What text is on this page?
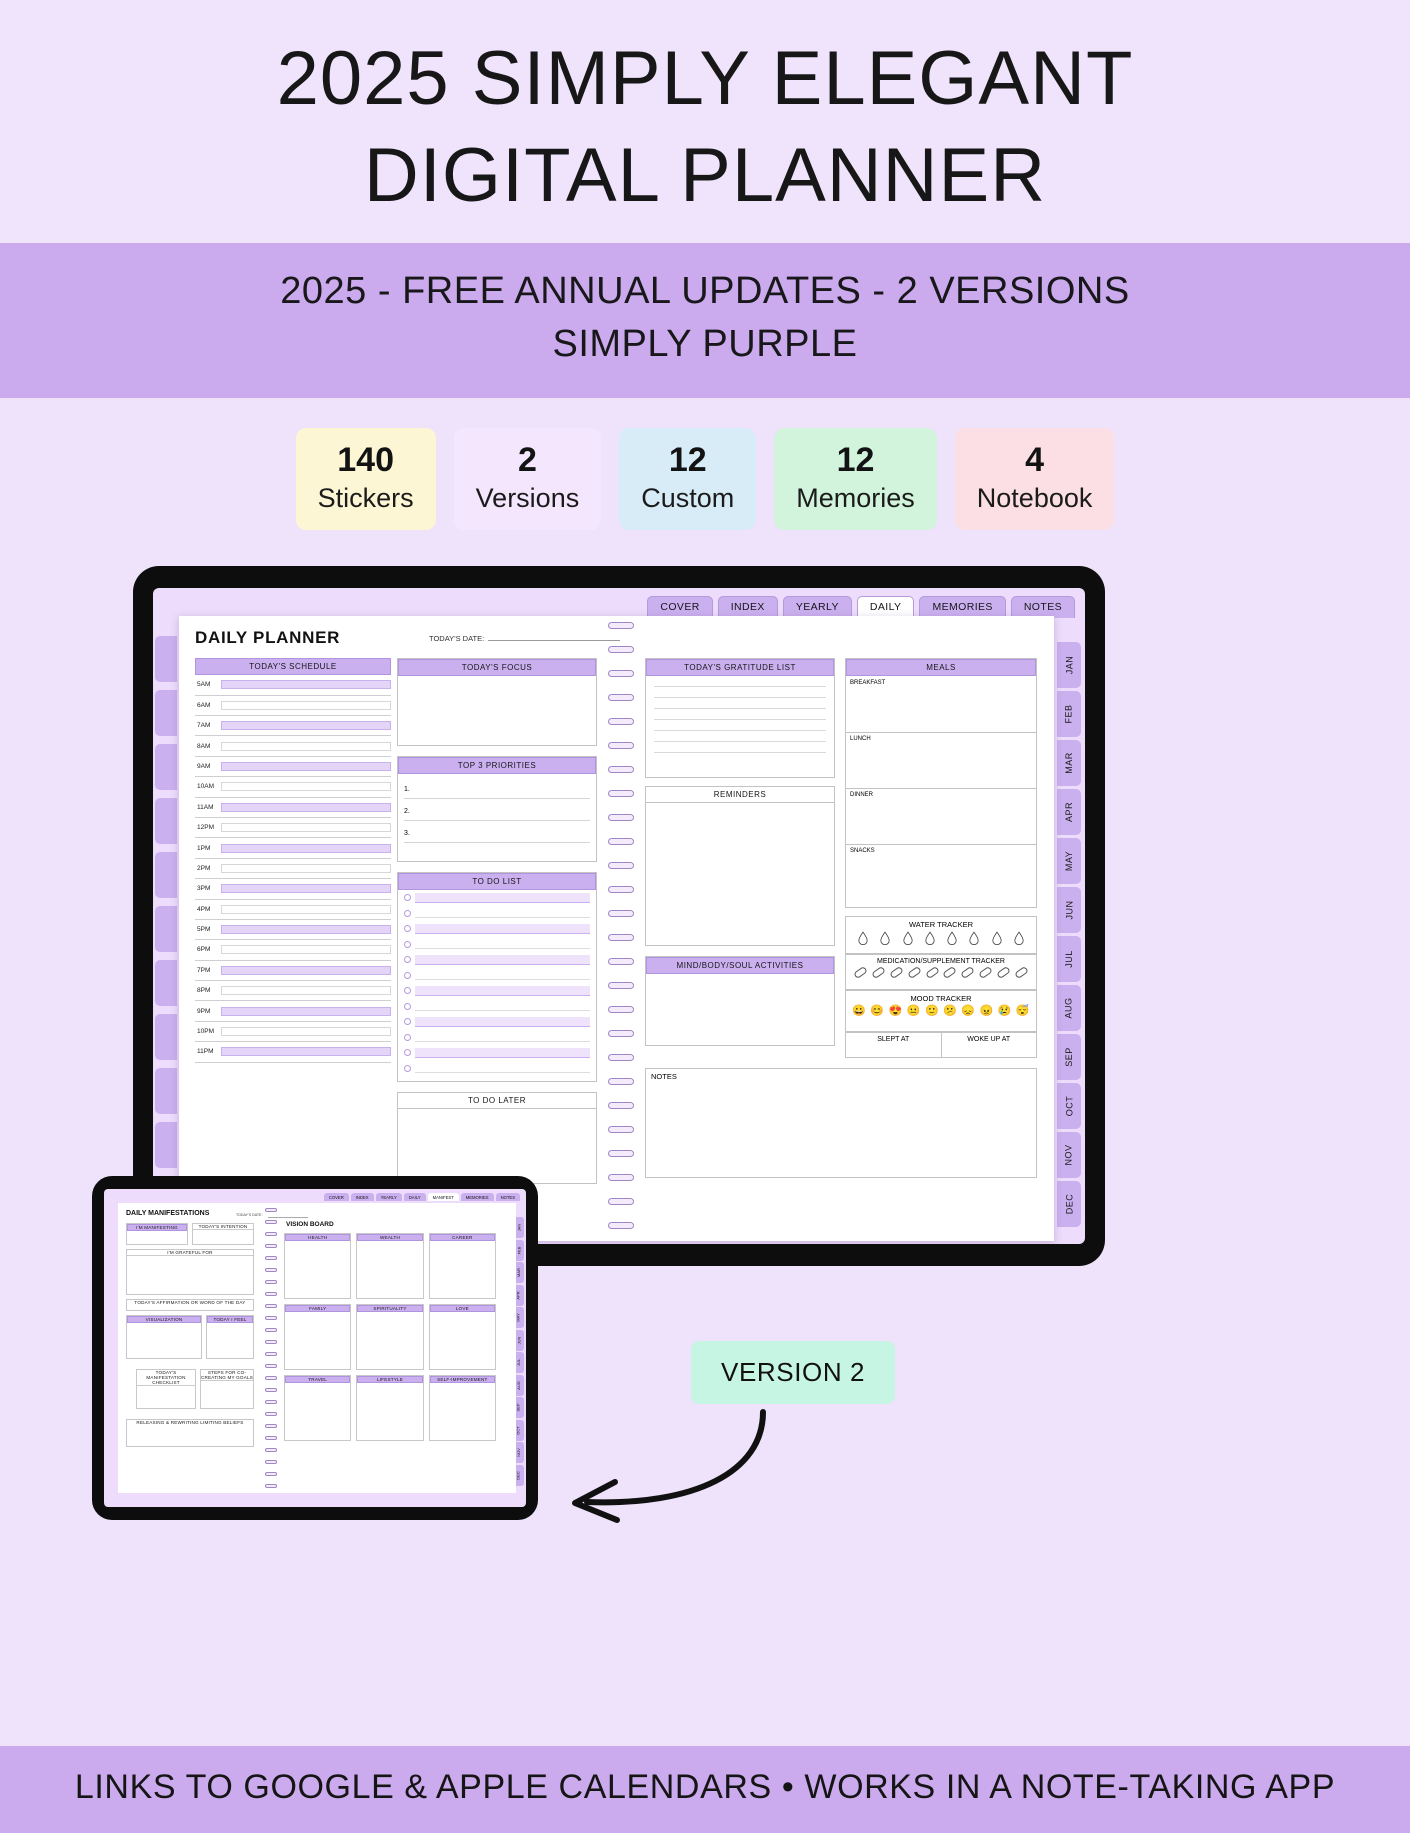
2025 SIMPLY ELEGANT
DIGITAL PLANNER
2025 - FREE ANNUAL UPDATES - 2 VERSIONS
SIMPLY PURPLE
140
Stickers
2
Versions
12
Custom
12
Memories
4
Notebook
COVER	INDEX	YEARLY	DAILY	MEMORIES	NOTES
JAN
FEB
MAR
APR
MAY
JUN
JUL
AUG
SEP
OCT
NOV
DEC
DAILY PLANNER	TODAY'S DATE:
TODAY'S SCHEDULE
5AM
6AM
7AM
8AM
9AM
10AM
11AM
12PM
1PM
2PM
3PM
4PM
5PM
6PM
7PM
8PM
9PM
10PM
11PM
TODAY'S FOCUS
TOP 3 PRIORITIES
1.
2.
3.
TO DO LIST
TO DO LATER
TODAY'S GRATITUDE LIST
REMINDERS
MIND/BODY/SOUL ACTIVITIES
MEALS
BREAKFAST
LUNCH
DINNER
SNACKS
WATER TRACKER
MEDICATION/SUPPLEMENT TRACKER
MOOD TRACKER
😀 😊 😍 😐 🙂 😕 😞 😠 😢 😴
SLEPT AT	WOKE UP AT
NOTES
COVER	INDEX	YEARLY	DAILY	MANIFEST	MEMORIES	NOTES
JAN
FEB
MAR
APR
MAY
JUN
JUL
AUG
SEP
OCT
NOV
DEC
DAILY MANIFESTATIONS	TODAY'S DATE:
I'M MANIFESTING	TODAY'S INTENTION
I'M GRATEFUL FOR
TODAY'S AFFIRMATION OR WORD OF THE DAY
VISUALIZATION	TODAY I FEEL
TODAY'S MANIFESTATION CHECKLIST
STEPS FOR CO-CREATING MY GOALS
RELEASING & REWRITING LIMITING BELIEFS
VISION BOARD
HEALTH	WEALTH	CAREER
FAMILY	SPIRITUALITY	LOVE
TRAVEL	LIFESTYLE	SELF-IMPROVEMENT	VERSION 2
LINKS TO GOOGLE & APPLE CALENDARS • WORKS IN A NOTE-TAKING APP
